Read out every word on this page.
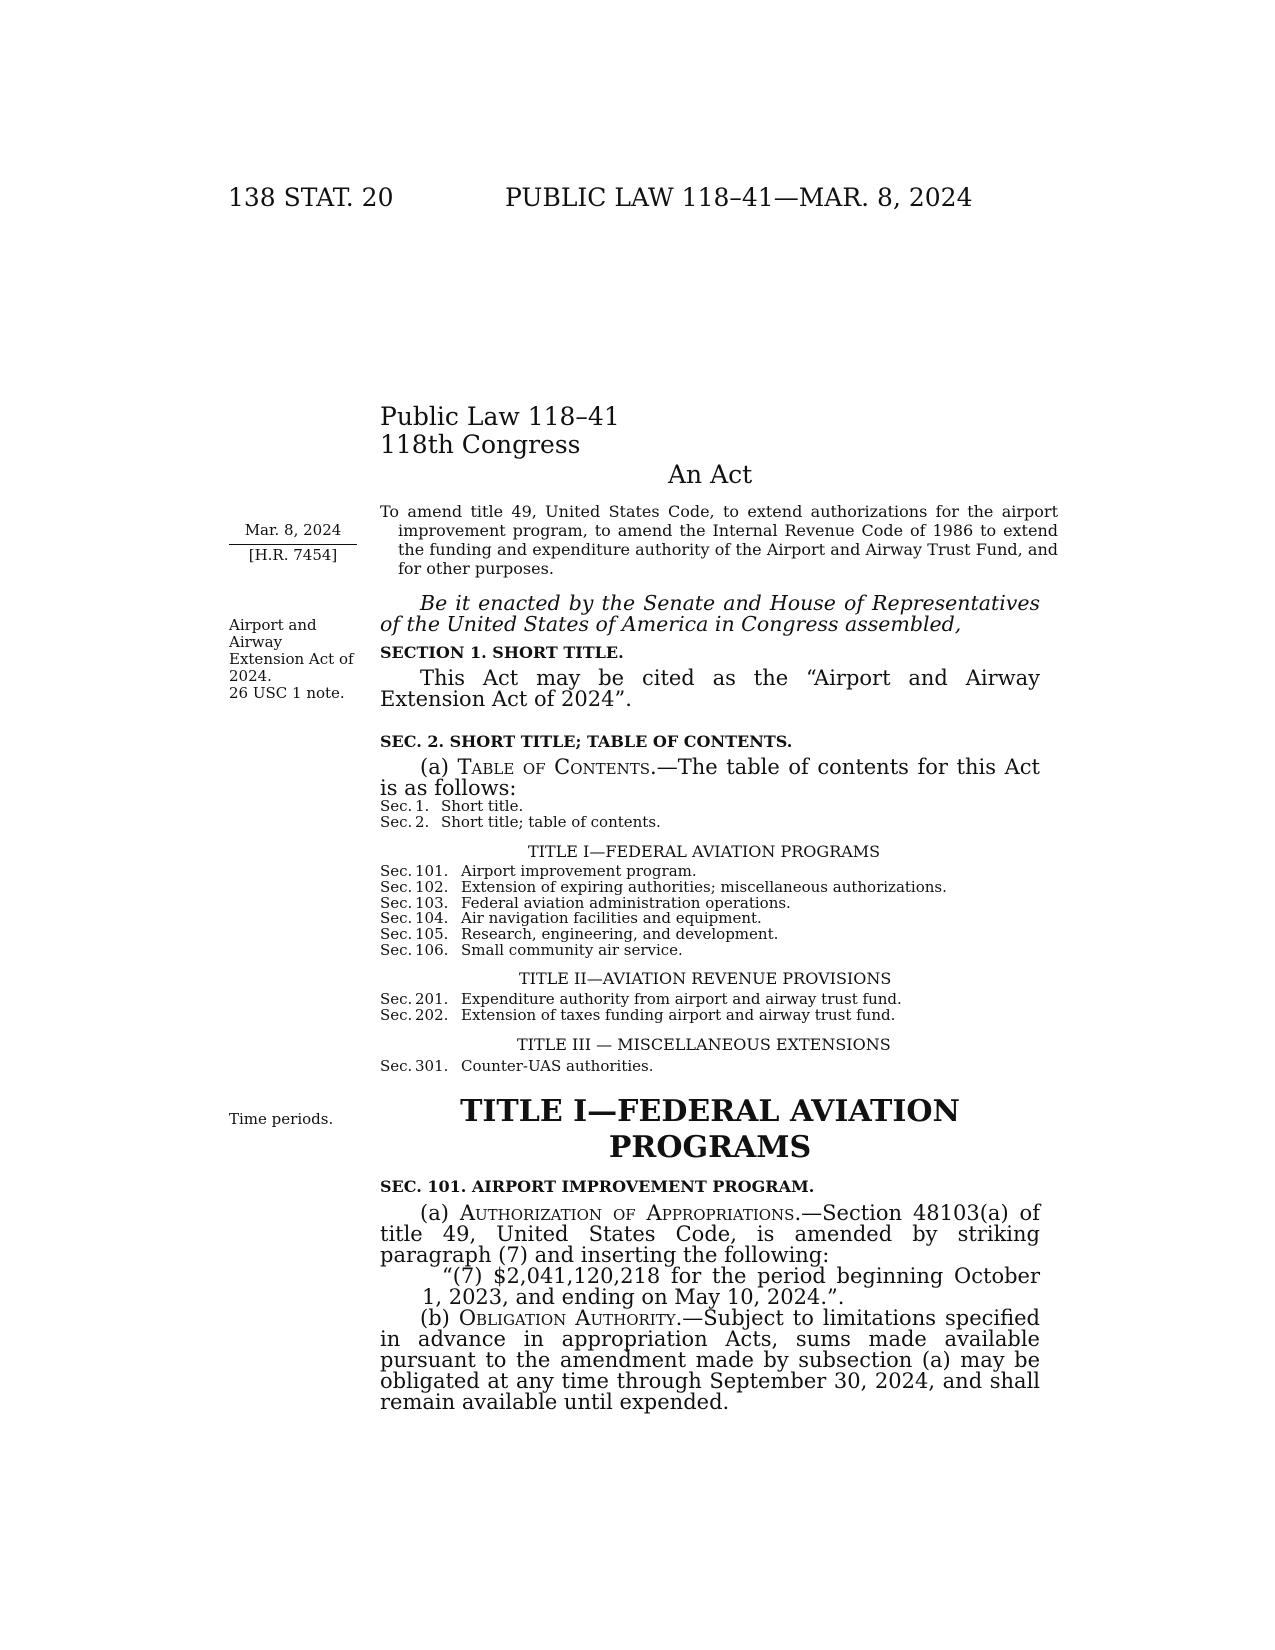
138 STAT. 20	PUBLIC LAW 118–41—MAR. 8, 2024
Public Law 118–41
118th Congress
An Act
Mar. 8, 2024
[H.R. 7454]
Airport and
Airway
Extension Act of
2024.
26 USC 1 note.
Time periods.
To amend title 49, United States Code, to extend authorizations for the airport improvement program, to amend the Internal Revenue Code of 1986 to extend the funding and expenditure authority of the Airport and Airway Trust Fund, and for other purposes.
Be it enacted by the Senate and House of Representatives of the United States of America in Congress assembled,
SECTION 1. SHORT TITLE.
This Act may be cited as the “Airport and Airway Extension Act of 2024”.
SEC. 2. SHORT TITLE; TABLE OF CONTENTS.
(a) Table of Contents.—The table of contents for this Act is as follows:
Sec. 1. Short title.
Sec. 2. Short title; table of contents.
TITLE I—FEDERAL AVIATION PROGRAMS
Sec. 101. Airport improvement program.
Sec. 102. Extension of expiring authorities; miscellaneous authorizations.
Sec. 103. Federal aviation administration operations.
Sec. 104. Air navigation facilities and equipment.
Sec. 105. Research, engineering, and development.
Sec. 106. Small community air service.
TITLE II—AVIATION REVENUE PROVISIONS
Sec. 201. Expenditure authority from airport and airway trust fund.
Sec. 202. Extension of taxes funding airport and airway trust fund.
TITLE III — MISCELLANEOUS EXTENSIONS
Sec. 301. Counter-UAS authorities.
TITLE I—FEDERAL AVIATION
PROGRAMS
SEC. 101. AIRPORT IMPROVEMENT PROGRAM.
(a) Authorization of Appropriations.—Section 48103(a) of title 49, United States Code, is amended by striking paragraph (7) and inserting the following:
“(7) $2,041,120,218 for the period beginning October 1, 2023, and ending on May 10, 2024.”.
(b) Obligation Authority.—Subject to limitations specified in advance in appropriation Acts, sums made available pursuant to the amendment made by subsection (a) may be obligated at any time through September 30, 2024, and shall remain available until expended.
